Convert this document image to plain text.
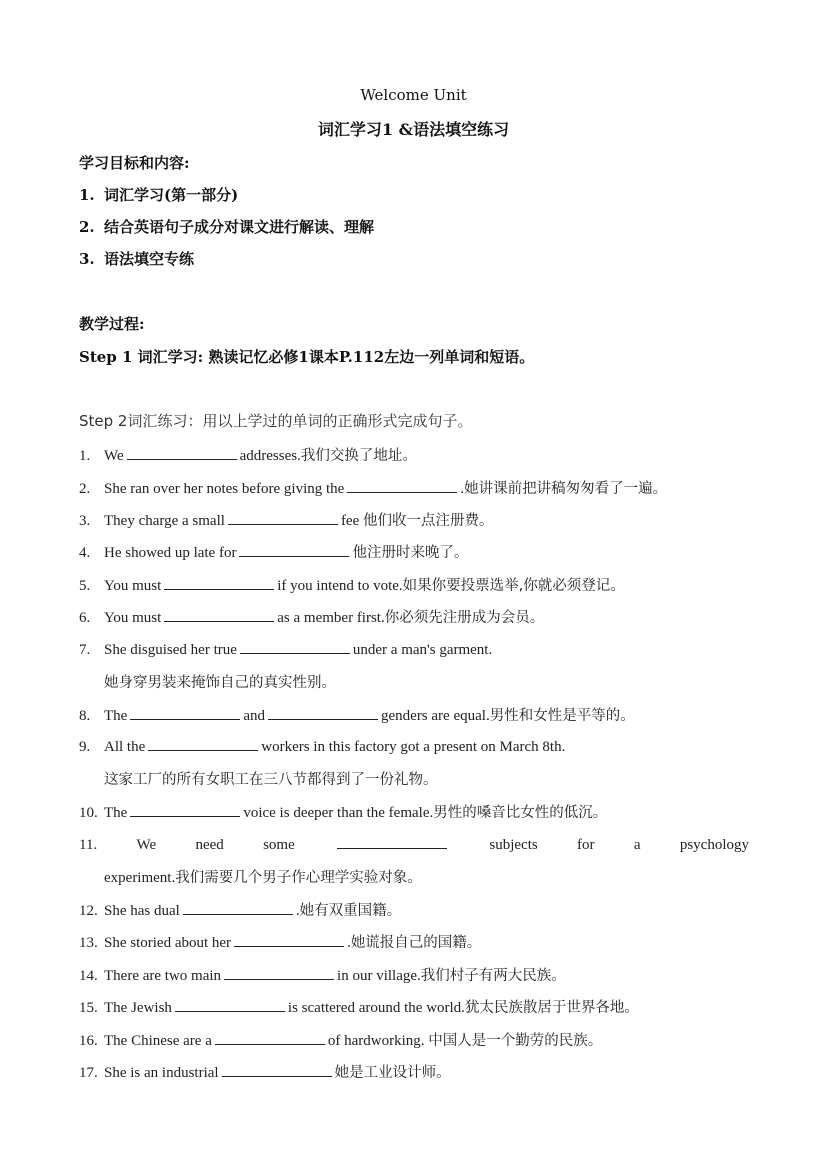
Welcome Unit
词汇学习1 &语法填空练习
学习目标和内容:
1. 词汇学习(第一部分)
2. 结合英语句子成分对课文进行解读、理解
3. 语法填空专练
教学过程:
Step 1 词汇学习: 熟读记忆必修1课本P.112左边一列单词和短语。
Step 2词汇练习：用以上学过的单词的正确形式完成句子。
1. We	addresses.我们交换了地址。
2. She ran over her notes before giving the	.她讲课前把讲稿匆匆看了一遍。
3. They charge a small	fee 他们收一点注册费。
4. He showed up late for	他注册时来晚了。
5. You must	if you intend to vote.如果你要投票选举,你就必须登记。
6. You must	as a member first.你必须先注册成为会员。
7. She disguised her true	under a man's garment.
她身穿男装来掩饰自己的真实性别。
8. The	and	genders are equal.男性和女性是平等的。
9. All the	workers in this factory got a present on March 8th.
这家工厂的所有女职工在三八节都得到了一份礼物。
10. The	voice is deeper than the female.男性的嗓音比女性的低沉。
11.	We	need	some	subjects	for	a	psychology
experiment.我们需要几个男子作心理学实验对象。
12. She has dual	.她有双重国籍。
13. She storied about her	.她谎报自己的国籍。
14. There are two main	in our village.我们村子有两大民族。
15. The Jewish	is scattered around the world.犹太民族散居于世界各地。
16. The Chinese are a	of hardworking. 中国人是一个勤劳的民族。
17. She is an industrial	她是工业设计师。
